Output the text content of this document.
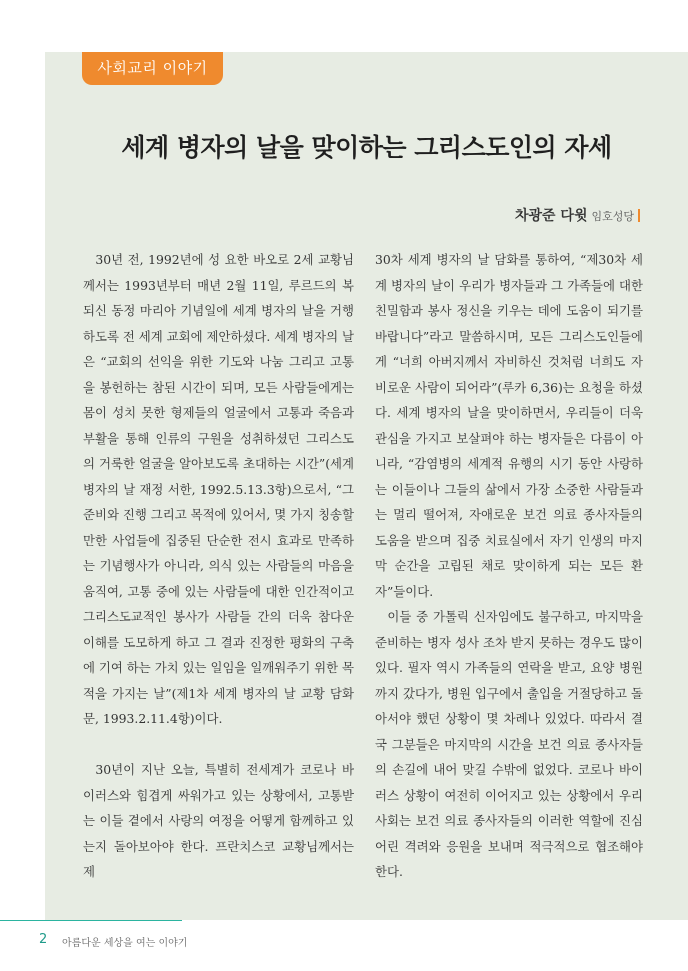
사회교리 이야기
세계 병자의 날을 맞이하는 그리스도인의 자세
차광준 다윗 임호성당

30년 전, 1992년에 성 요한 바오로 2세 교황님께서는 1993년부터 매년 2월 11일, 루르드의 복되신 동정 마리아 기념일에 세계 병자의 날을 거행하도록 전 세계 교회에 제안하셨다. 세계 병자의 날은 “교회의 선익을 위한 기도와 나눔 그리고 고통을 봉헌하는 참된 시간이 되며, 모든 사람들에게는 몸이 성치 못한 형제들의 얼굴에서 고통과 죽음과 부활을 통해 인류의 구원을 성취하셨던 그리스도의 거룩한 얼굴을 알아보도록 초대하는 시간”(세계 병자의 날 재정 서한, 1992.5.13.3항)으로서, “그 준비와 진행 그리고 목적에 있어서, 몇 가지 칭송할 만한 사업들에 집중된 단순한 전시 효과로 만족하는 기념행사가 아니라, 의식 있는 사람들의 마음을 움직여, 고통 중에 있는 사람들에 대한 인간적이고 그리스도교적인 봉사가 사람들 간의 더욱 참다운 이해를 도모하게 하고 그 결과 진정한 평화의 구축에 기여 하는 가치 있는 일임을 일깨워주기 위한 목적을 가지는 날”(제1차 세계 병자의 날 교황 담화문, 1993.2.11.4항)이다.

30년이 지난 오늘, 특별히 전세계가 코로나 바이러스와 힘겹게 싸워가고 있는 상황에서, 고통받는 이들 곁에서 사랑의 여정을 어떻게 함께하고 있는지 돌아보아야 한다. 프란치스코 교황님께서는 제

30차 세계 병자의 날 담화를 통하여, “제30차 세계 병자의 날이 우리가 병자들과 그 가족들에 대한 친밀함과 봉사 정신을 키우는 데에 도움이 되기를 바랍니다”라고 말씀하시며, 모든 그리스도인들에게 “너희 아버지께서 자비하신 것처럼 너희도 자비로운 사람이 되어라”(루카 6,36)는 요청을 하셨다. 세계 병자의 날을 맞이하면서, 우리들이 더욱 관심을 가지고 보살펴야 하는 병자들은 다름이 아니라, “감염병의 세계적 유행의 시기 동안 사랑하는 이들이나 그들의 삶에서 가장 소중한 사람들과는 멀리 떨어져, 자애로운 보건 의료 종사자들의 도움을 받으며 집중 치료실에서 자기 인생의 마지막 순간을 고립된 채로 맞이하게 되는 모든 환자”들이다.

이들 중 가톨릭 신자임에도 불구하고, 마지막을 준비하는 병자 성사 조차 받지 못하는 경우도 많이 있다. 필자 역시 가족들의 연락을 받고, 요양 병원까지 갔다가, 병원 입구에서 출입을 거절당하고 돌아서야 했던 상황이 몇 차례나 있었다. 따라서 결국 그분들은 마지막의 시간을 보건 의료 종사자들의 손길에 내어 맞길 수밖에 없었다. 코로나 바이러스 상황이 여전히 이어지고 있는 상황에서 우리 사회는 보건 의료 종사자들의 이러한 역할에 진심어린 격려와 응원을 보내며 적극적으로 협조해야 한다.

2 아름다운 세상을 여는 이야기
